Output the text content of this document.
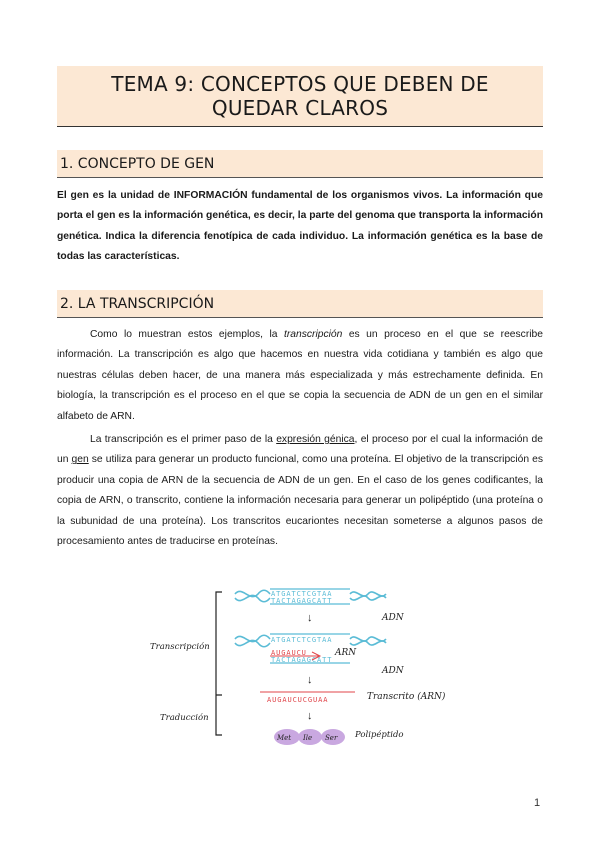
TEMA 9: CONCEPTOS QUE DEBEN DE
QUEDAR CLAROS
1. CONCEPTO DE GEN

El gen es la unidad de INFORMACIÓN fundamental de los organismos vivos. La información que porta el gen es la información genética, es decir, la parte del genoma que transporta la información genética. Indica la diferencia fenotípica de cada individuo. La información genética es la base de todas las características.

2. LA TRANSCRIPCIÓN

Como lo muestran estos ejemplos, la transcripción es un proceso en el que se reescribe información. La transcripción es algo que hacemos en nuestra vida cotidiana y también es algo que nuestras células deben hacer, de una manera más especializada y más estrechamente definida. En biología, la transcripción es el proceso en el que se copia la secuencia de ADN de un gen en el similar alfabeto de ARN.

La transcripción es el primer paso de la expresión génica, el proceso por el cual la información de un gen se utiliza para generar un producto funcional, como una proteína. El objetivo de la transcripción es producir una copia de ARN de la secuencia de ADN de un gen. En el caso de los genes codificantes, la copia de ARN, o transcrito, contiene la información necesaria para generar un polipéptido (una proteína o la subunidad de una proteína). Los transcritos eucariontes necesitan someterse a algunos pasos de procesamiento antes de traducirse en proteínas.

Transcripción
Traducción
ATGATCTCGTAA
TACTAGAGCATT
ADN
↓
ATGATCTCGTAA
TACTAGAGCATT
AUGAUCU	ARN
ADN
↓
AUGAUCUCGUAA	Transcrito (ARN)
↓
Met Ile Ser Polipéptido
1
